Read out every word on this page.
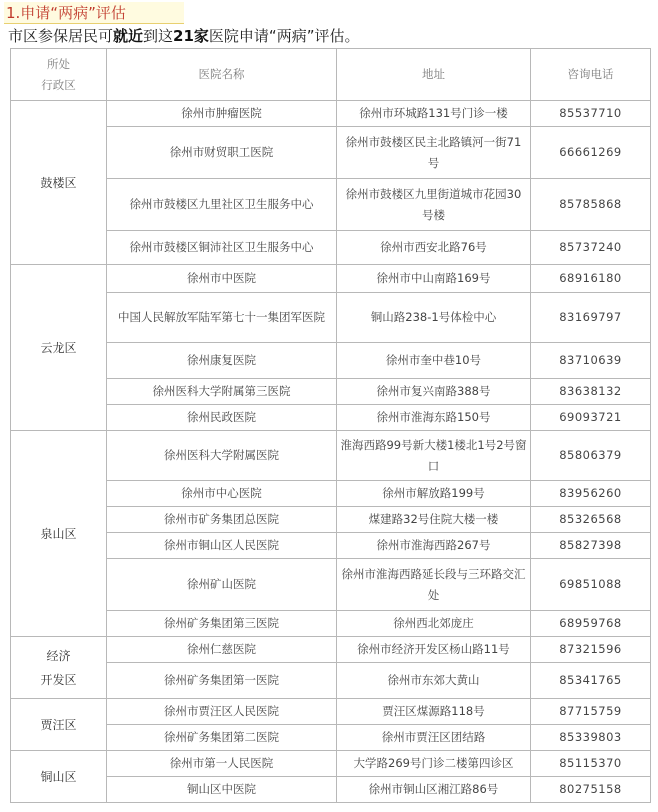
1.申请“两病”评估
市区参保居民可就近到这21家医院申请“两病”评估。
所处
行政区	医院名称	地址	咨询电话
鼓楼区	徐州市肿瘤医院	徐州市环城路131号门诊一楼	85537710
	徐州市财贸职工医院	徐州市鼓楼区民主北路镇河一街71号	66661269
	徐州市鼓楼区九里社区卫生服务中心	徐州市鼓楼区九里街道城市花园30号楼	85785868
	徐州市鼓楼区铜沛社区卫生服务中心	徐州市西安北路76号	85737240
云龙区	徐州市中医院	徐州市中山南路169号	68916180
	中国人民解放军陆军第七十一集团军医院	铜山路238-1号体检中心	83169797
	徐州康复医院	徐州市奎中巷10号	83710639
	徐州医科大学附属第三医院	徐州市复兴南路388号	83638132
	徐州民政医院	徐州市淮海东路150号	69093721
泉山区	徐州医科大学附属医院	淮海西路99号新大楼1楼北1号2号窗口	85806379
	徐州市中心医院	徐州市解放路199号	83956260
	徐州市矿务集团总医院	煤建路32号住院大楼一楼	85326568
	徐州市铜山区人民医院	徐州市淮海西路267号	85827398
	徐州矿山医院	徐州市淮海西路延长段与三环路交汇处	69851088
	徐州矿务集团第三医院	徐州西北郊庞庄	68959768
经济
开发区	徐州仁慈医院	徐州市经济开发区杨山路11号	87321596
	徐州矿务集团第一医院	徐州市东郊大黄山	85341765
贾汪区	徐州市贾汪区人民医院	贾汪区煤源路118号	87715759
	徐州矿务集团第二医院	徐州市贾汪区团结路	85339803
铜山区	徐州市第一人民医院	大学路269号门诊二楼第四诊区	85115370
	铜山区中医院	徐州市铜山区湘江路86号	80275158
